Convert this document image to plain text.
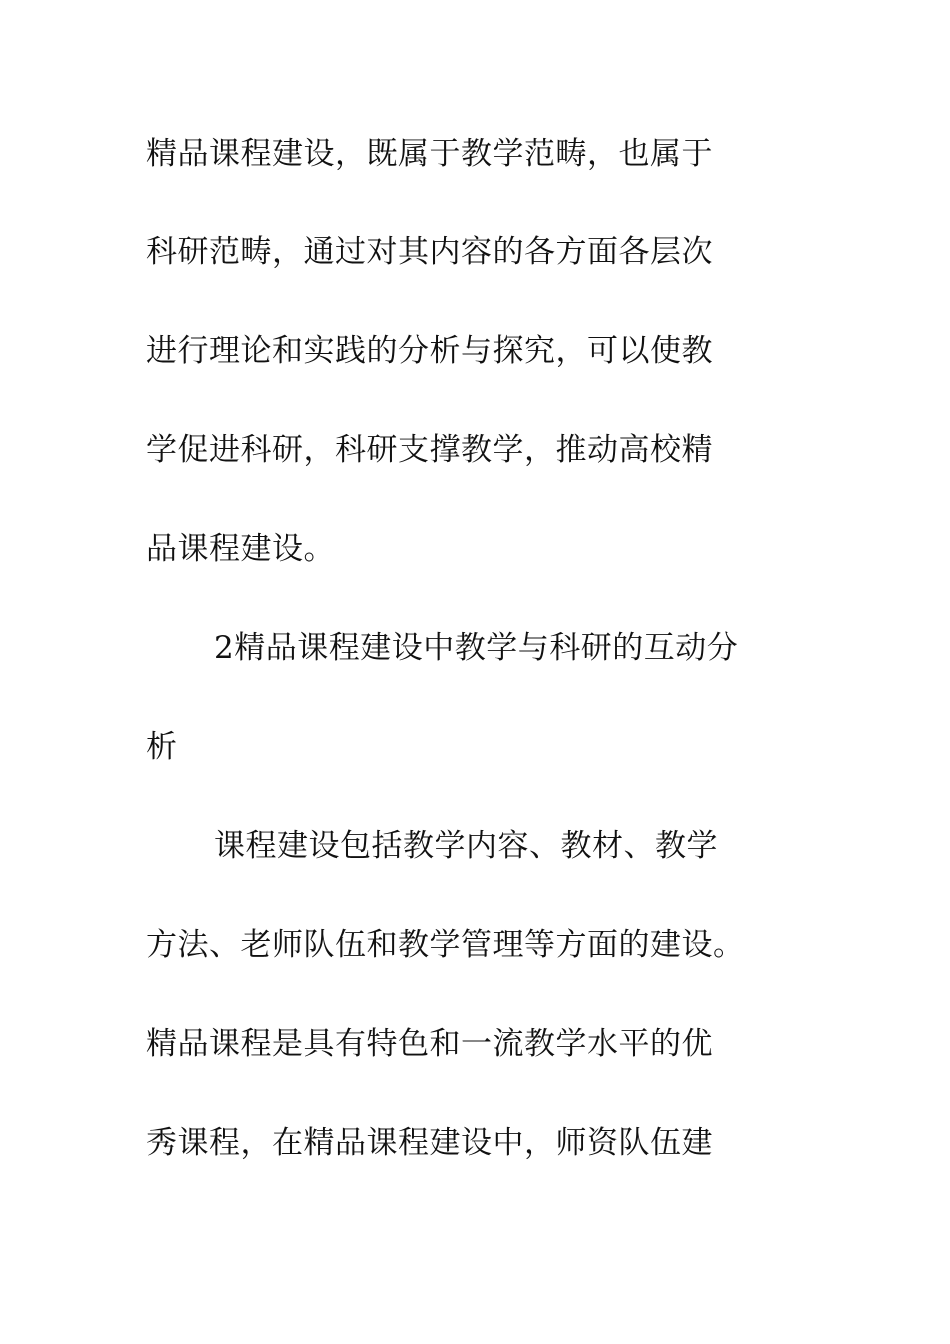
精品课程建设，既属于教学范畴，也属于
科研范畴，通过对其内容的各方面各层次
进行理论和实践的分析与探究，可以使教
学促进科研，科研支撑教学，推动高校精
品课程建设。
2精品课程建设中教学与科研的互动分
析
课程建设包括教学内容、教材、教学
方法、老师队伍和教学管理等方面的建设。
精品课程是具有特色和一流教学水平的优
秀课程，在精品课程建设中，师资队伍建
